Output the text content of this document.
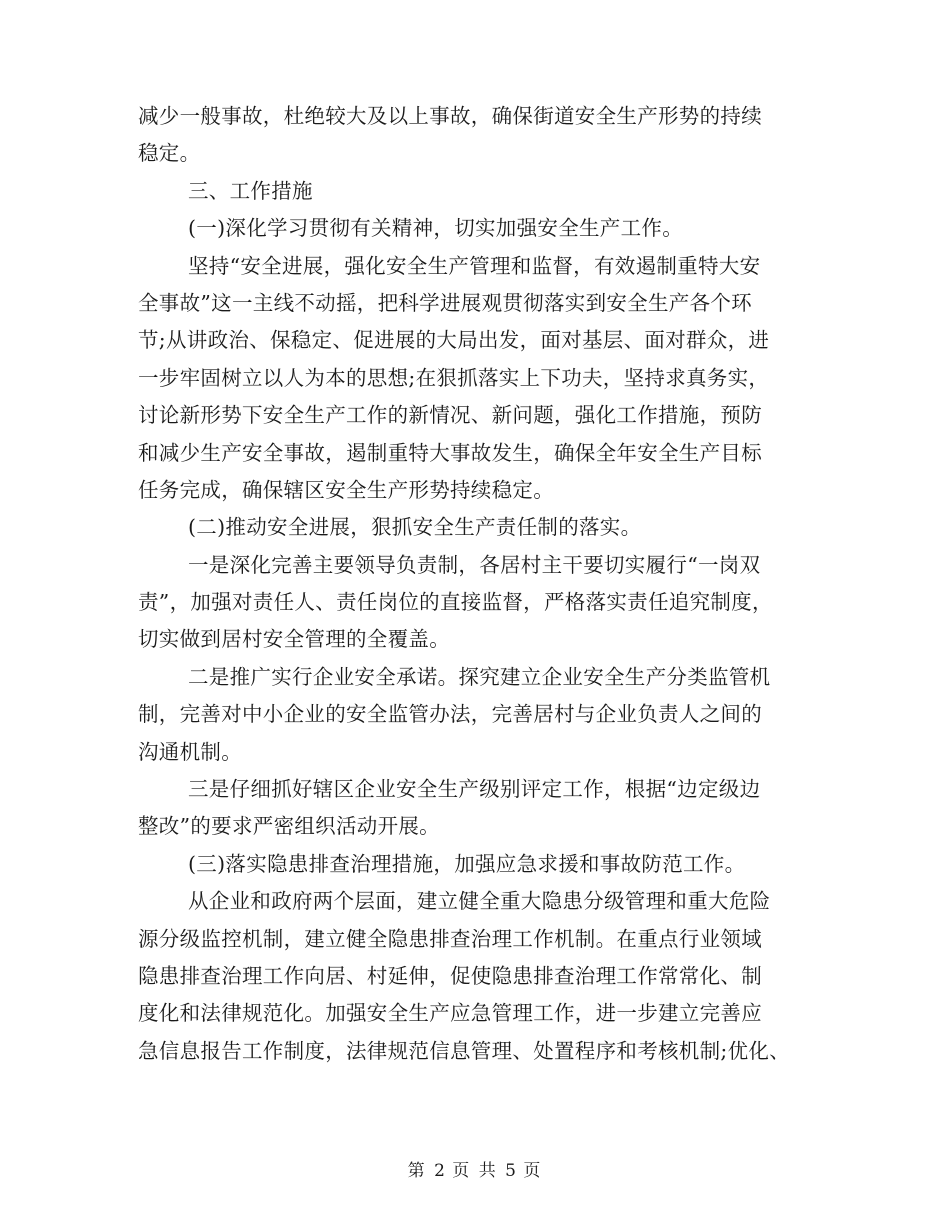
减少一般事故，杜绝较大及以上事故，确保街道安全生产形势的持续
稳定。
三、工作措施
(一)深化学习贯彻有关精神，切实加强安全生产工作。
坚持“安全进展，强化安全生产管理和监督，有效遏制重特大安
全事故”这一主线不动摇，把科学进展观贯彻落实到安全生产各个环
节;从讲政治、保稳定、促进展的大局出发，面对基层、面对群众，进
一步牢固树立以人为本的思想;在狠抓落实上下功夫，坚持求真务实，
讨论新形势下安全生产工作的新情况、新问题，强化工作措施，预防
和减少生产安全事故，遏制重特大事故发生，确保全年安全生产目标
任务完成，确保辖区安全生产形势持续稳定。
(二)推动安全进展，狠抓安全生产责任制的落实。
一是深化完善主要领导负责制，各居村主干要切实履行“一岗双
责”，加强对责任人、责任岗位的直接监督，严格落实责任追究制度，
切实做到居村安全管理的全覆盖。
二是推广实行企业安全承诺。探究建立企业安全生产分类监管机
制，完善对中小企业的安全监管办法，完善居村与企业负责人之间的
沟通机制。
三是仔细抓好辖区企业安全生产级别评定工作，根据“边定级边
整改”的要求严密组织活动开展。
(三)落实隐患排查治理措施，加强应急求援和事故防范工作。
从企业和政府两个层面，建立健全重大隐患分级管理和重大危险
源分级监控机制，建立健全隐患排查治理工作机制。在重点行业领域
隐患排查治理工作向居、村延伸，促使隐患排查治理工作常常化、制
度化和法律规范化。加强安全生产应急管理工作，进一步建立完善应
急信息报告工作制度，法律规范信息管理、处置程序和考核机制;优化、
第 2 页 共 5 页
